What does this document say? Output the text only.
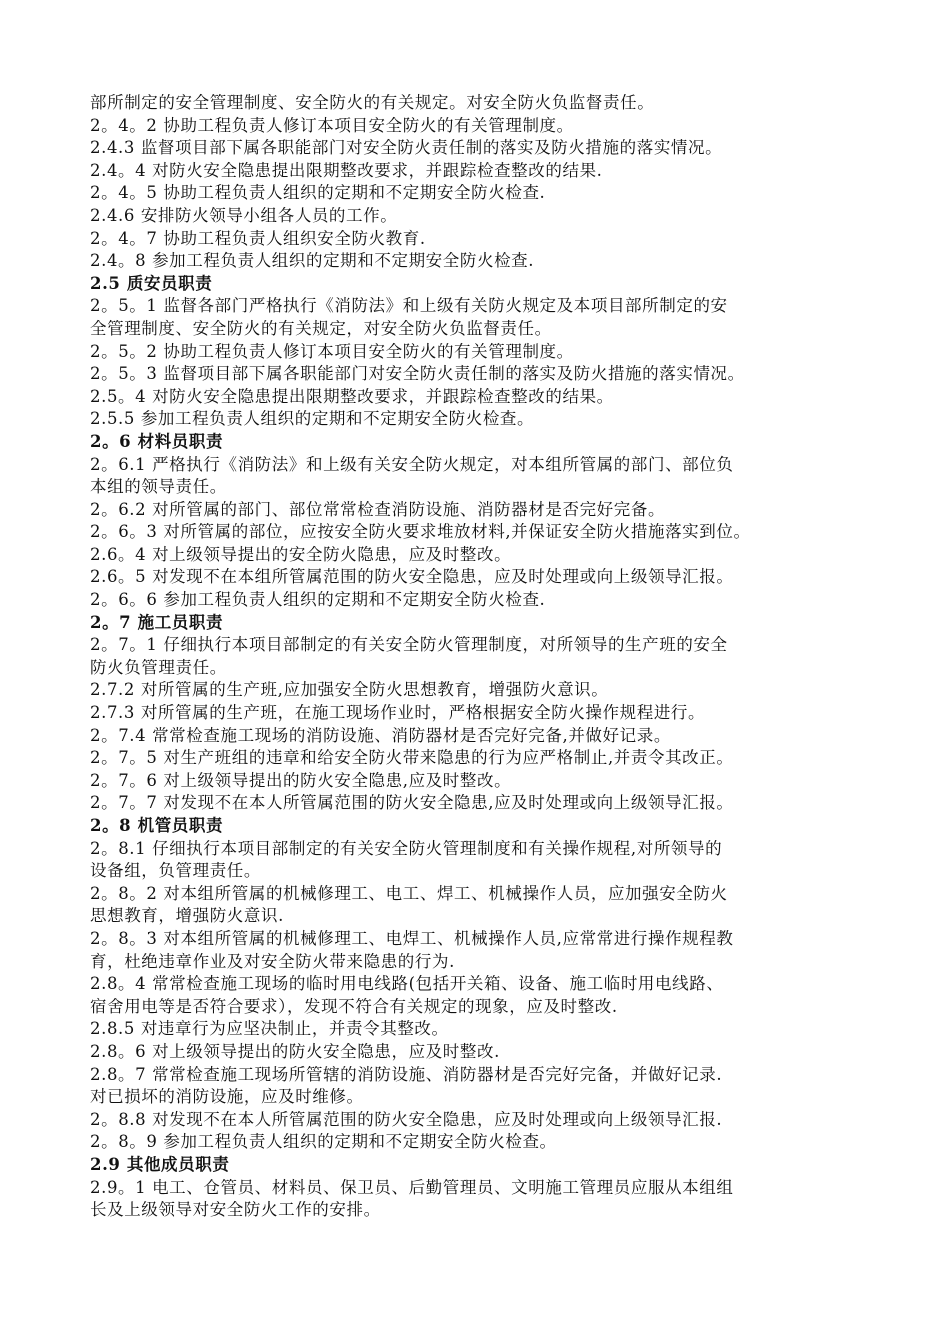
部所制定的安全管理制度、安全防火的有关规定。对安全防火负监督责任。
2。4。2 协助工程负责人修订本项目安全防火的有关管理制度。
2.4.3 监督项目部下属各职能部门对安全防火责任制的落实及防火措施的落实情况。
2.4。4 对防火安全隐患提出限期整改要求，并跟踪检查整改的结果.
2。4。5 协助工程负责人组织的定期和不定期安全防火检查.
2.4.6 安排防火领导小组各人员的工作。
2。4。7 协助工程负责人组织安全防火教育.
2.4。8 参加工程负责人组织的定期和不定期安全防火检查.
2.5 质安员职责
2。5。1 监督各部门严格执行《消防法》和上级有关防火规定及本项目部所制定的安
全管理制度、安全防火的有关规定，对安全防火负监督责任。
2。5。2 协助工程负责人修订本项目安全防火的有关管理制度。
2。5。3 监督项目部下属各职能部门对安全防火责任制的落实及防火措施的落实情况。
2.5。4 对防火安全隐患提出限期整改要求，并跟踪检查整改的结果。
2.5.5 参加工程负责人组织的定期和不定期安全防火检查。
2。6 材料员职责
2。6.1 严格执行《消防法》和上级有关安全防火规定，对本组所管属的部门、部位负
本组的领导责任。
2。6.2 对所管属的部门、部位常常检查消防设施、消防器材是否完好完备。
2。6。3 对所管属的部位，应按安全防火要求堆放材料,并保证安全防火措施落实到位。
2.6。4 对上级领导提出的安全防火隐患，应及时整改。
2.6。5 对发现不在本组所管属范围的防火安全隐患，应及时处理或向上级领导汇报。
2。6。6 参加工程负责人组织的定期和不定期安全防火检查.
2。7 施工员职责
2。7。1 仔细执行本项目部制定的有关安全防火管理制度，对所领导的生产班的安全
防火负管理责任。
2.7.2 对所管属的生产班,应加强安全防火思想教育，增强防火意识。
2.7.3 对所管属的生产班，在施工现场作业时，严格根据安全防火操作规程进行。
2。7.4 常常检查施工现场的消防设施、消防器材是否完好完备,并做好记录。
2。7。5 对生产班组的违章和给安全防火带来隐患的行为应严格制止,并责令其改正。
2。7。6 对上级领导提出的防火安全隐患,应及时整改。
2。7。7 对发现不在本人所管属范围的防火安全隐患,应及时处理或向上级领导汇报。
2。8 机管员职责
2。8.1 仔细执行本项目部制定的有关安全防火管理制度和有关操作规程,对所领导的
设备组，负管理责任。
2。8。2 对本组所管属的机械修理工、电工、焊工、机械操作人员，应加强安全防火
思想教育，增强防火意识.
2。8。3 对本组所管属的机械修理工、电焊工、机械操作人员,应常常进行操作规程教
育，杜绝违章作业及对安全防火带来隐患的行为.
2.8。4 常常检查施工现场的临时用电线路(包括开关箱、设备、施工临时用电线路、
宿舍用电等是否符合要求），发现不符合有关规定的现象，应及时整改.
2.8.5 对违章行为应坚决制止，并责令其整改。
2.8。6 对上级领导提出的防火安全隐患，应及时整改.
2.8。7 常常检查施工现场所管辖的消防设施、消防器材是否完好完备，并做好记录.
对已损坏的消防设施，应及时维修。
2。8.8 对发现不在本人所管属范围的防火安全隐患，应及时处理或向上级领导汇报.
2。8。9 参加工程负责人组织的定期和不定期安全防火检查。
2.9 其他成员职责
2.9。1 电工、仓管员、材料员、保卫员、后勤管理员、文明施工管理员应服从本组组
长及上级领导对安全防火工作的安排。
